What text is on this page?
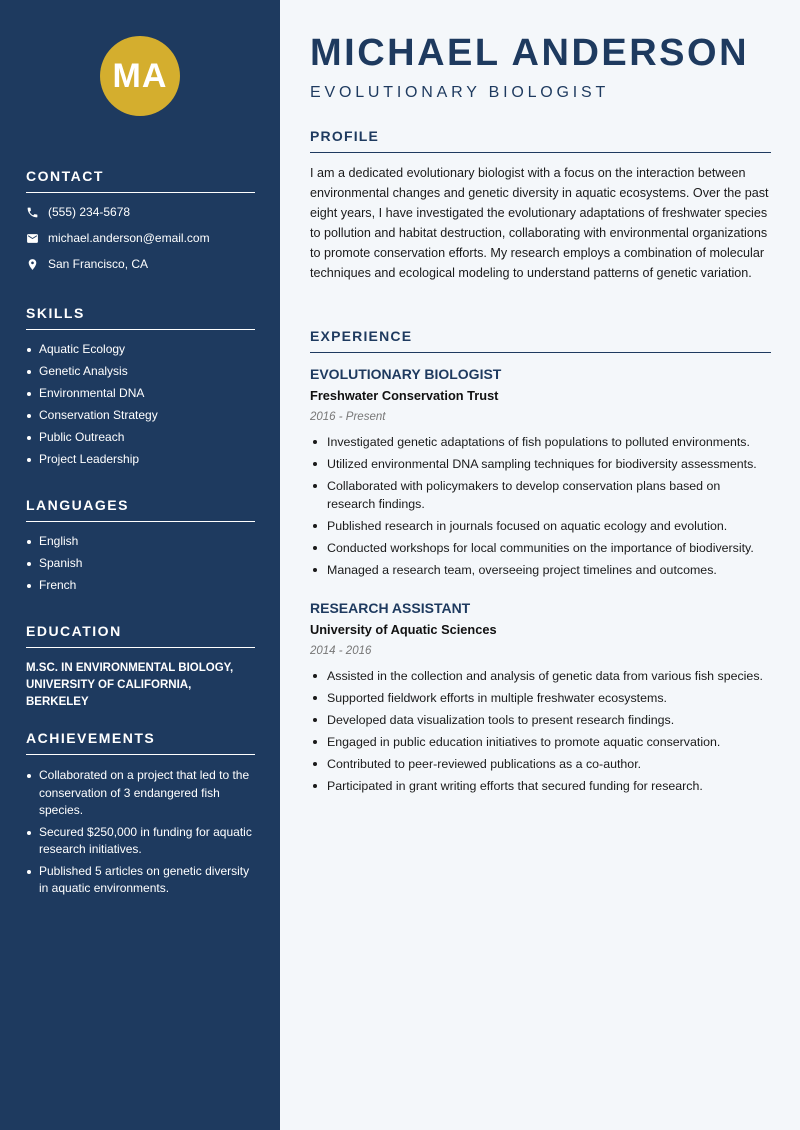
MA
CONTACT
(555) 234-5678
michael.anderson@email.com
San Francisco, CA
SKILLS
Aquatic Ecology
Genetic Analysis
Environmental DNA
Conservation Strategy
Public Outreach
Project Leadership
LANGUAGES
English
Spanish
French
EDUCATION
M.SC. IN ENVIRONMENTAL BIOLOGY, UNIVERSITY OF CALIFORNIA, BERKELEY
ACHIEVEMENTS
Collaborated on a project that led to the conservation of 3 endangered fish species.
Secured $250,000 in funding for aquatic research initiatives.
Published 5 articles on genetic diversity in aquatic environments.
MICHAEL ANDERSON
EVOLUTIONARY BIOLOGIST
PROFILE

I am a dedicated evolutionary biologist with a focus on the interaction between environmental changes and genetic diversity in aquatic ecosystems. Over the past eight years, I have investigated the evolutionary adaptations of freshwater species to pollution and habitat destruction, collaborating with environmental organizations to promote conservation efforts. My research employs a combination of molecular techniques and ecological modeling to understand patterns of genetic variation.

EXPERIENCE
EVOLUTIONARY BIOLOGIST
Freshwater Conservation Trust
2016 - Present
Investigated genetic adaptations of fish populations to polluted environments.
Utilized environmental DNA sampling techniques for biodiversity assessments.
Collaborated with policymakers to develop conservation plans based on research findings.
Published research in journals focused on aquatic ecology and evolution.
Conducted workshops for local communities on the importance of biodiversity.
Managed a research team, overseeing project timelines and outcomes.
RESEARCH ASSISTANT
University of Aquatic Sciences
2014 - 2016
Assisted in the collection and analysis of genetic data from various fish species.
Supported fieldwork efforts in multiple freshwater ecosystems.
Developed data visualization tools to present research findings.
Engaged in public education initiatives to promote aquatic conservation.
Contributed to peer-reviewed publications as a co-author.
Participated in grant writing efforts that secured funding for research.
